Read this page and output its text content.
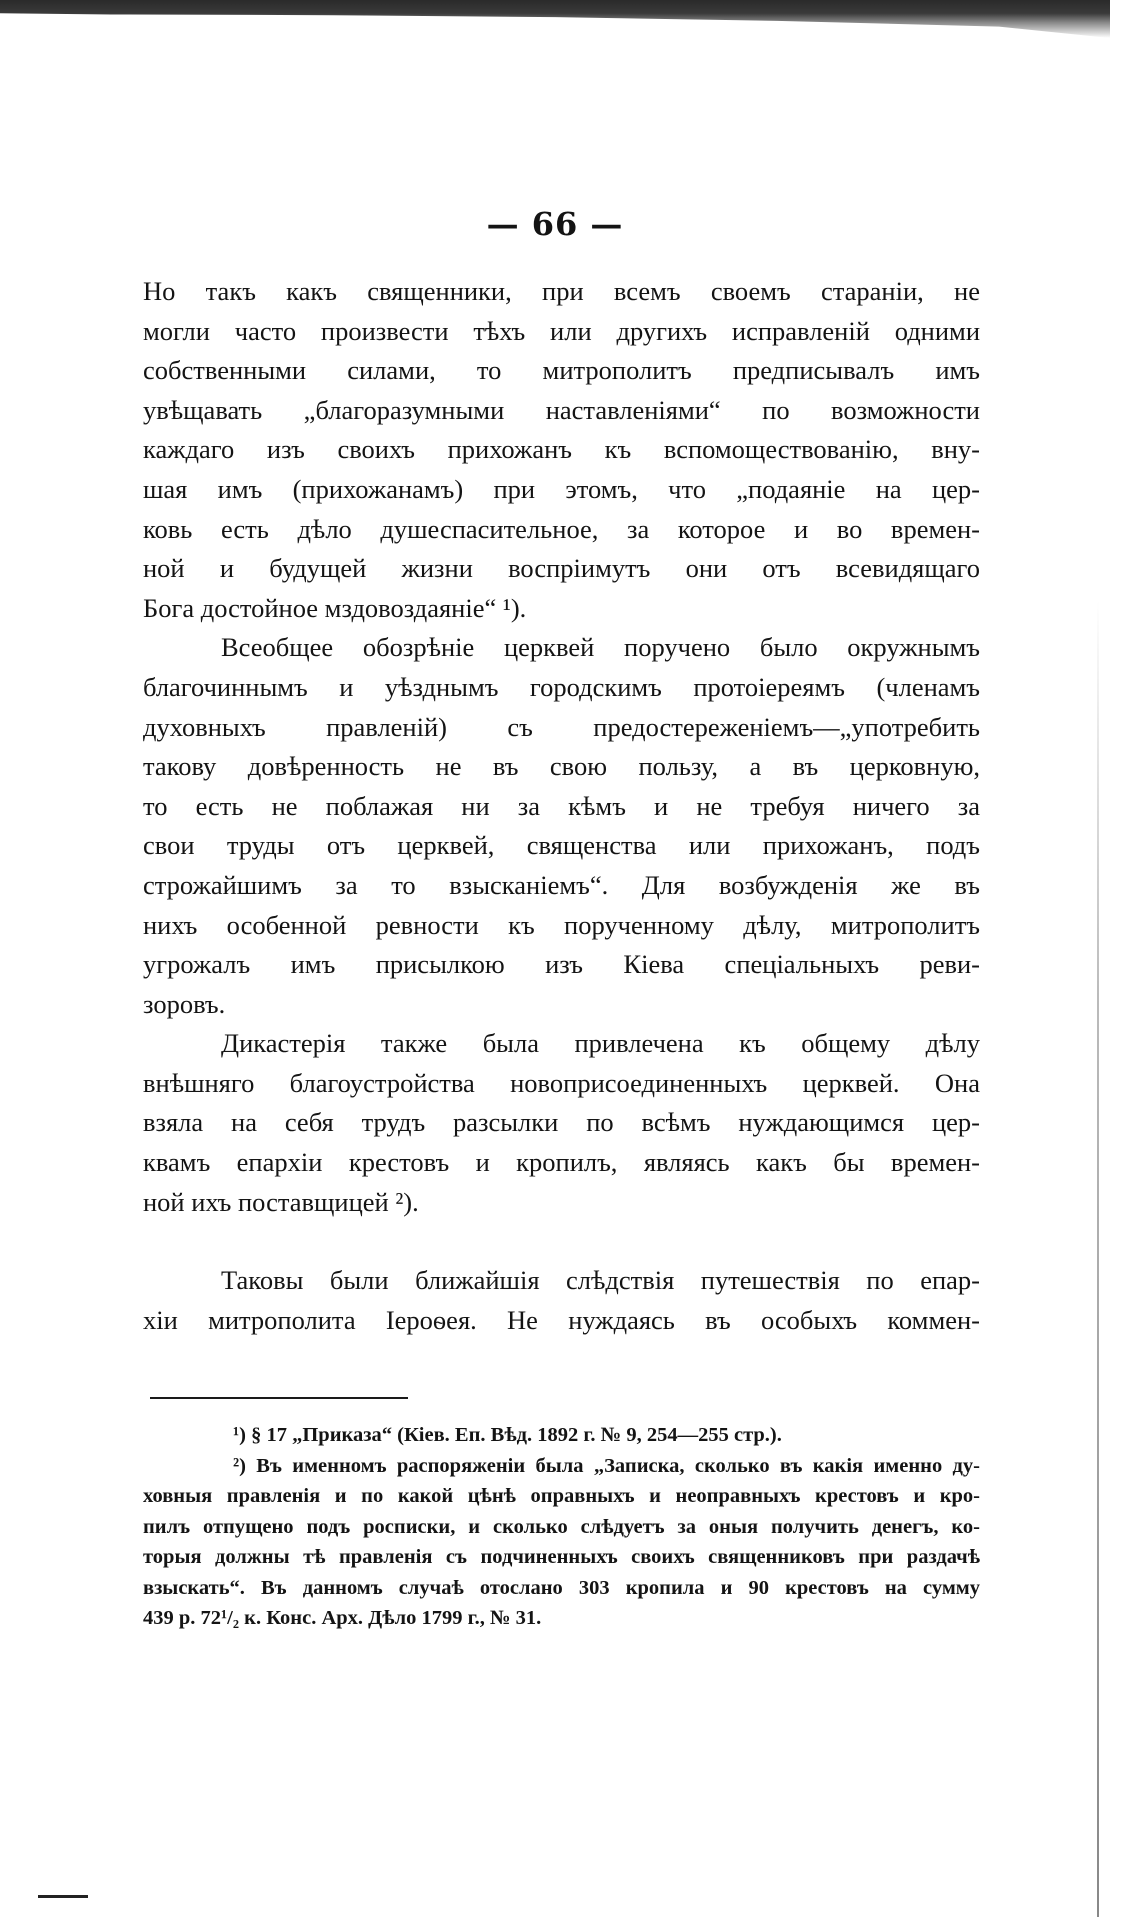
— 66 —
Но такъ какъ священники, при всемъ своемъ стараніи, не
могли часто произвести тѣхъ или другихъ исправленій одними
собственными силами, то митрополитъ предписывалъ имъ
увѣщавать „благоразумными наставленіями“ по возможности
каждаго изъ своихъ прихожанъ къ вспомоществованію, вну-
шая имъ (прихожанамъ) при этомъ, что „подаяніе на цер-
ковь есть дѣло душеспасительное, за которое и во времен-
ной и будущей жизни воспріимутъ они отъ всевидящаго
Бога достойное мздовоздаяніе“ ¹).
Всеобщее обозрѣніе церквей поручено было окружнымъ
благочиннымъ и уѣзднымъ городскимъ протоіереямъ (членамъ
духовныхъ правленій) съ предостереженіемъ—„употребить
такову довѣренность не въ свою пользу, а въ церковную,
то есть не поблажая ни за кѣмъ и не требуя ничего за
свои труды отъ церквей, священства или прихожанъ, подъ
строжайшимъ за то взысканіемъ“. Для возбужденія же въ
нихъ особенной ревности къ порученному дѣлу, митрополитъ
угрожалъ имъ присылкою изъ Кіева спеціальныхъ реви-
зоровъ.
Дикастерія также была привлечена къ общему дѣлу
внѣшняго благоустройства новоприсоединенныхъ церквей. Она
взяла на себя трудъ разсылки по всѣмъ нуждающимся цер-
квамъ епархіи крестовъ и кропилъ, являясь какъ бы времен-
ной ихъ поставщицей ²).
Таковы были ближайшія слѣдствія путешествія по епар-
хіи митрополита Іероѳея. Не нуждаясь въ особыхъ коммен-
¹) § 17 „Приказа“ (Кіев. Еп. Вѣд. 1892 г. № 9, 254—255 стр.).
²) Въ именномъ распоряженіи была „Записка, сколько въ какія именно ду-
ховныя правленія и по какой цѣнѣ оправныхъ и неоправныхъ крестовъ и кро-
пилъ отпущено подъ росписки, и сколько слѣдуетъ за оныя получить денегъ, ко-
торыя должны тѣ правленія съ подчиненныхъ своихъ священниковъ при раздачѣ
взыскать“. Въ данномъ случаѣ отослано 303 кропила и 90 крестовъ на сумму
439 р. 72¹/₂ к. Конс. Арх. Дѣло 1799 г., № 31.
